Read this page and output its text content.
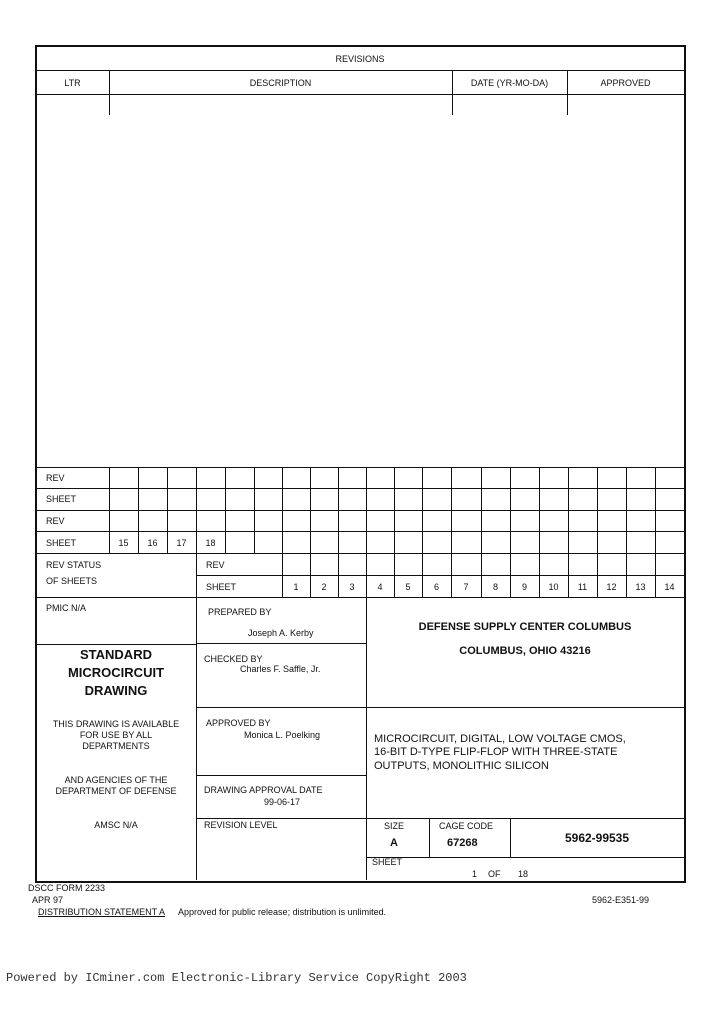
REVISIONS
LTR	DESCRIPTION	DATE (YR-MO-DA)	APPROVED
REV
SHEET
REV
SHEET	15	16	17	18
REV STATUS
OF SHEETS
REV
SHEET	1	2	3	4	5	6	7	8	9	10	11	12	13	14
PMIC N/A
STANDARD
MICROCIRCUIT
DRAWING
THIS DRAWING IS AVAILABLE
FOR USE BY ALL
DEPARTMENTS
AND AGENCIES OF THE
DEPARTMENT OF DEFENSE
AMSC N/A
PREPARED BY
Joseph A. Kerby
CHECKED BY
Charles F. Saffle, Jr.
APPROVED BY
Monica L. Poelking
DRAWING APPROVAL DATE
99-06-17
REVISION LEVEL
DEFENSE SUPPLY CENTER COLUMBUS
COLUMBUS, OHIO 43216
MICROCIRCUIT, DIGITAL, LOW VOLTAGE CMOS,
16-BIT D-TYPE FLIP-FLOP WITH THREE-STATE
OUTPUTS, MONOLITHIC SILICON
SIZE
A
CAGE CODE
67268	5962-99535
SHEET
1 OF 18
DSCC FORM 2233
APR 97	5962-E351-99
DISTRIBUTION STATEMENT A Approved for public release; distribution is unlimited.
Powered by ICminer.com Electronic-Library Service CopyRight 2003
